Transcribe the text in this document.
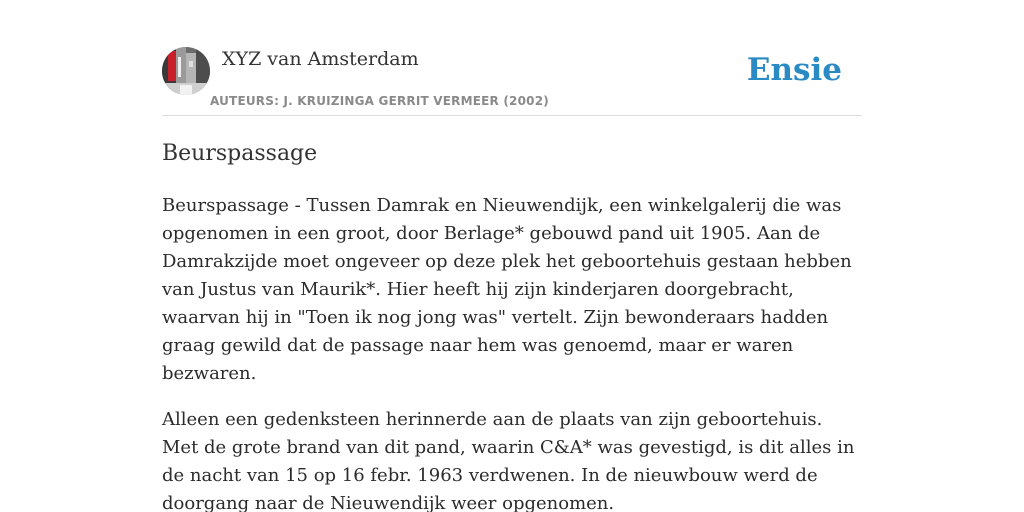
XYZ van Amsterdam
AUTEURS: J. KRUIZINGA GERRIT VERMEER (2002)
Ensie
Beurspassage

Beurspassage - Tussen Damrak en Nieuwendijk, een winkelgalerij die was opgenomen in een groot, door Berlage* gebouwd pand uit 1905. Aan de Damrakzijde moet ongeveer op deze plek het geboortehuis gestaan hebben van Justus van Maurik*. Hier heeft hij zijn kinderjaren doorgebracht, waarvan hij in "Toen ik nog jong was" vertelt. Zijn bewonderaars hadden graag gewild dat de passage naar hem was genoemd, maar er waren bezwaren.

Alleen een gedenksteen herinnerde aan de plaats van zijn geboortehuis. Met de grote brand van dit pand, waarin C&A* was gevestigd, is dit alles in de nacht van 15 op 16 febr. 1963 verdwenen. In de nieuwbouw werd de doorgang naar de Nieuwendijk weer opgenomen.
